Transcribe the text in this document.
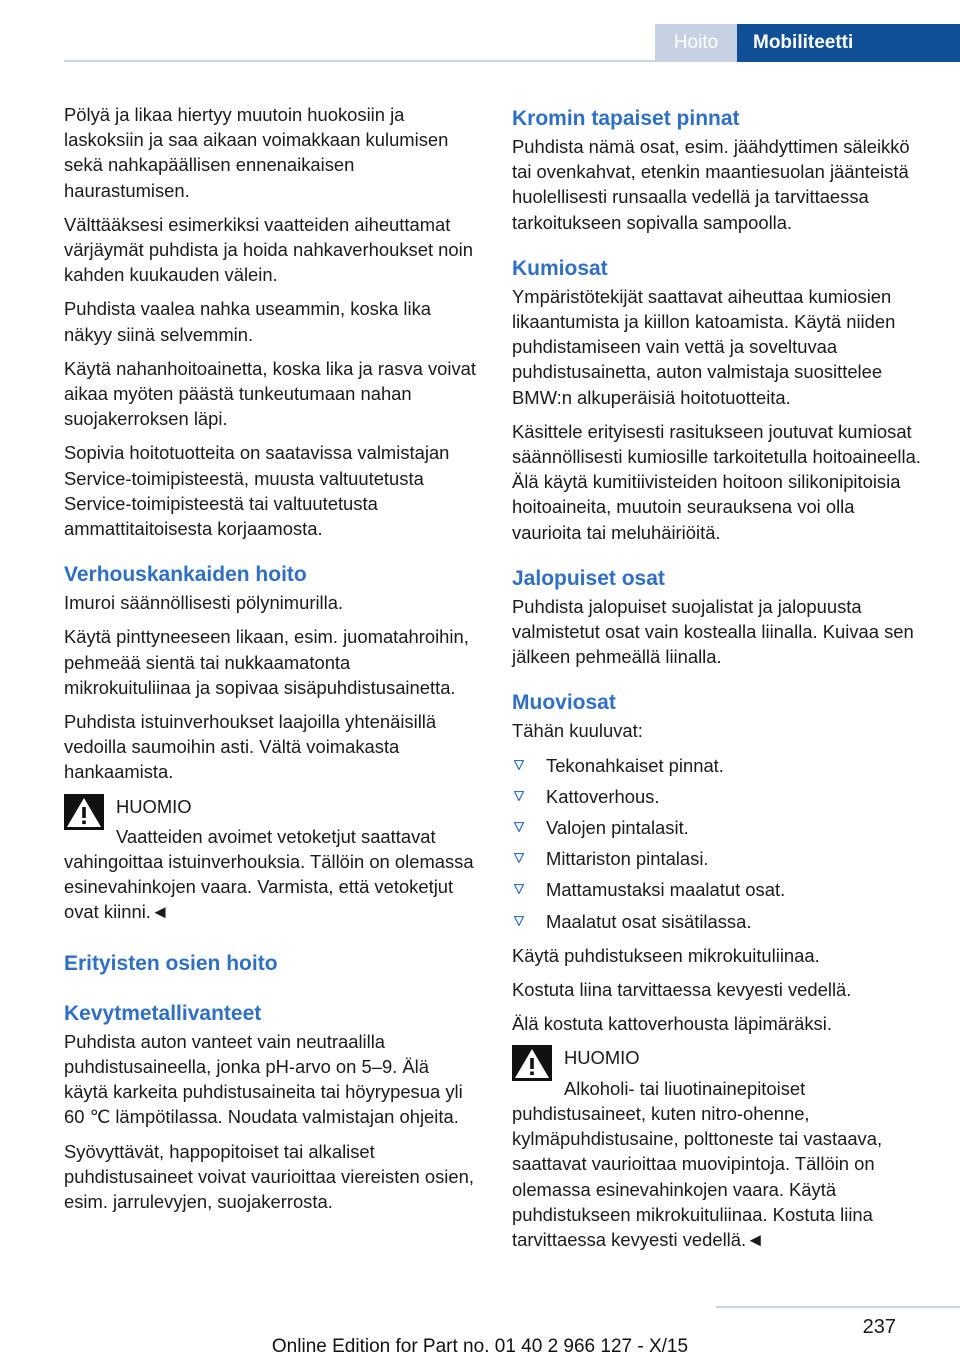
Hoito	Mobiliteetti

Pölyä ja likaa hiertyy muutoin huokosiin ja laskoksiin ja saa aikaan voimakkaan kulumisen sekä nahkapäällisen ennenaikaisen haurastumisen.

Välttääksesi esimerkiksi vaatteiden aiheuttamat värjäymät puhdista ja hoida nahkaverhoukset noin kahden kuukauden välein.

Puhdista vaalea nahka useammin, koska lika näkyy siinä selvemmin.

Käytä nahanhoitoainetta, koska lika ja rasva voivat aikaa myöten päästä tunkeutumaan nahan suojakerroksen läpi.

Sopivia hoitotuotteita on saatavissa valmistajan Service-toimipisteestä, muusta valtuutetusta Service-toimipisteestä tai valtuutetusta ammattitaitoisesta korjaamosta.

Verhouskankaiden hoito

Imuroi säännöllisesti pölynimurilla.

Käytä pinttyneeseen likaan, esim. juomatahroihin, pehmeää sientä tai nukkaamatonta mikrokuituliinaa ja sopivaa sisäpuhdistusainetta.

Puhdista istuinverhoukset laajoilla yhtenäisillä vedoilla saumoihin asti. Vältä voimakasta hankaamista.

HUOMIO

Vaatteiden avoimet vetoketjut saattavat vahingoittaa istuinverhouksia. Tällöin on olemassa esinevahinkojen vaara. Varmista, että vetoketjut ovat kiinni.◄

Erityisten osien hoito
Kevytmetallivanteet

Puhdista auton vanteet vain neutraalilla puhdistusaineella, jonka pH-arvo on 5–9. Älä käytä karkeita puhdistusaineita tai höyrypesua yli 60 ℃ lämpötilassa. Noudata valmistajan ohjeita.

Syövyttävät, happopitoiset tai alkaliset puhdistusaineet voivat vaurioittaa viereisten osien, esim. jarrulevyjen, suojakerrosta.

Kromin tapaiset pinnat

Puhdista nämä osat, esim. jäähdyttimen säleikkö tai ovenkahvat, etenkin maantiesuolan jäänteistä huolellisesti runsaalla vedellä ja tarvittaessa tarkoitukseen sopivalla sampoolla.

Kumiosat

Ympäristötekijät saattavat aiheuttaa kumiosien likaantumista ja kiillon katoamista. Käytä niiden puhdistamiseen vain vettä ja soveltuvaa puhdistusainetta, auton valmistaja suosittelee BMW:n alkuperäisiä hoitotuotteita.

Käsittele erityisesti rasitukseen joutuvat kumiosat säännöllisesti kumiosille tarkoitetulla hoitoaineella. Älä käytä kumitiivisteiden hoitoon silikonipitoisia hoitoaineita, muutoin seurauksena voi olla vaurioita tai meluhäiriöitä.

Jalopuiset osat

Puhdista jalopuiset suojalistat ja jalopuusta valmistetut osat vain kostealla liinalla. Kuivaa sen jälkeen pehmeällä liinalla.

Muoviosat

Tähän kuuluvat:

Tekonahkaiset pinnat.
Kattoverhous.
Valojen pintalasit.
Mittariston pintalasi.
Mattamustaksi maalatut osat.
Maalatut osat sisätilassa.

Käytä puhdistukseen mikrokuituliinaa.

Kostuta liina tarvittaessa kevyesti vedellä.

Älä kostuta kattoverhousta läpimäräksi.

HUOMIO

Alkoholi- tai liuotinainepitoiset puhdistusaineet, kuten nitro-ohenne, kylmäpuhdistusaine, polttoneste tai vastaava, saattavat vaurioittaa muovipintoja. Tällöin on olemassa esinevahinkojen vaara. Käytä puhdistukseen mikrokuituliinaa. Kostuta liina tarvittaessa kevyesti vedellä.◄

237
Online Edition for Part no. 01 40 2 966 127 - X/15
